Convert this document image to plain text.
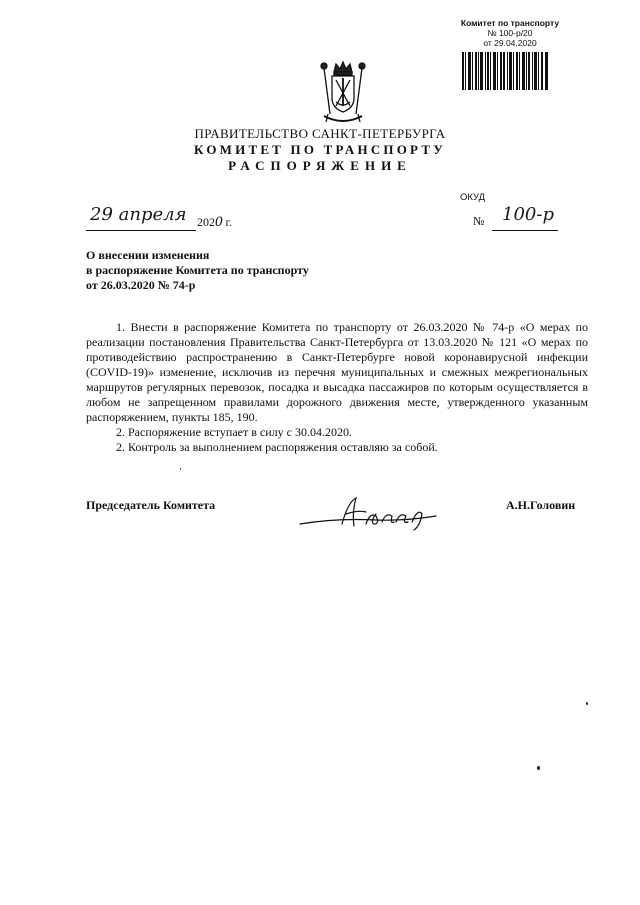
Комитет по транспорту
№ 100-р/20
от 29.04.2020
ПРАВИТЕЛЬСТВО САНКТ-ПЕТЕРБУРГА
КОМИТЕТ ПО ТРАНСПОРТУ
РАСПОРЯЖЕНИЕ
ОКУД
29 апреля 2020 г.	№ 100-р
О внесении изменения
в распоряжение Комитета по транспорту
от 26.03.2020 № 74-р

1. Внести в распоряжение Комитета по транспорту от 26.03.2020 № 74-р «О мерах по реализации постановления Правительства Санкт-Петербурга от 13.03.2020 № 121 «О мерах по противодействию распространению в Санкт-Петербурге новой коронавирусной инфекции (COVID-19)» изменение, исключив из перечня муниципальных и смежных межрегиональных маршрутов регулярных перевозок, посадка и высадка пассажиров по которым осуществляется в любом не запрещенном правилами дорожного движения месте, утвержденного указанным распоряжением, пункты 185, 190.

2. Распоряжение вступает в силу с 30.04.2020.

2. Контроль за выполнением распоряжения оставляю за собой.

Председатель Комитета	А.Н.Головин
